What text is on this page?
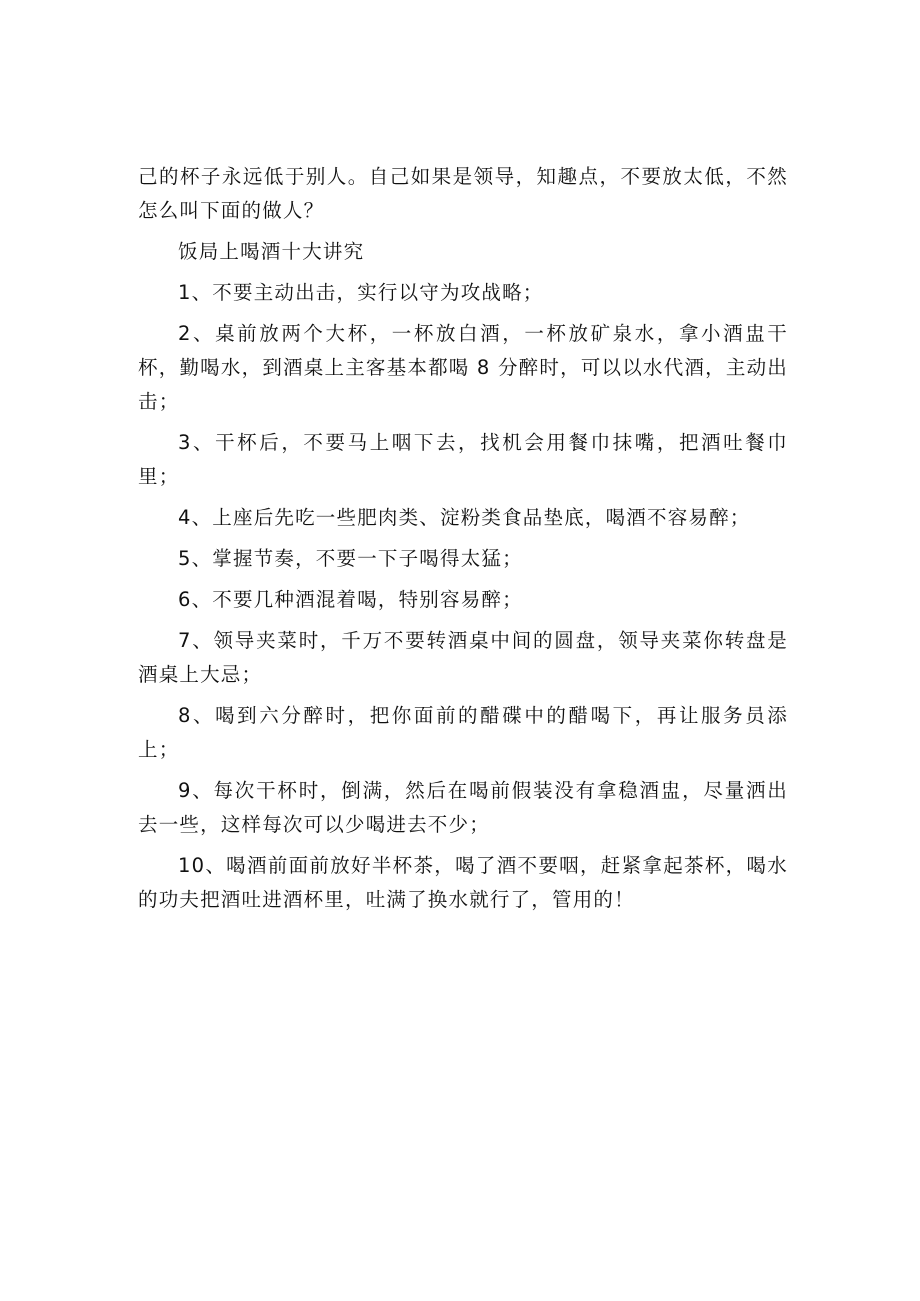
己的杯子永远低于别人。自己如果是领导，知趣点，不要放太低，不然怎么叫下面的做人？

饭局上喝酒十大讲究

1、不要主动出击，实行以守为攻战略；

2、桌前放两个大杯，一杯放白酒，一杯放矿泉水，拿小酒盅干杯，勤喝水，到酒桌上主客基本都喝 8 分醉时，可以以水代酒，主动出击；

3、干杯后，不要马上咽下去，找机会用餐巾抹嘴，把酒吐餐巾里；

4、上座后先吃一些肥肉类、淀粉类食品垫底，喝酒不容易醉；

5、掌握节奏，不要一下子喝得太猛；

6、不要几种酒混着喝，特别容易醉；

7、领导夹菜时，千万不要转酒桌中间的圆盘，领导夹菜你转盘是酒桌上大忌；

8、喝到六分醉时，把你面前的醋碟中的醋喝下，再让服务员添上；

9、每次干杯时，倒满，然后在喝前假装没有拿稳酒盅，尽量洒出去一些，这样每次可以少喝进去不少；

10、喝酒前面前放好半杯茶，喝了酒不要咽，赶紧拿起茶杯，喝水的功夫把酒吐进酒杯里，吐满了换水就行了，管用的！
